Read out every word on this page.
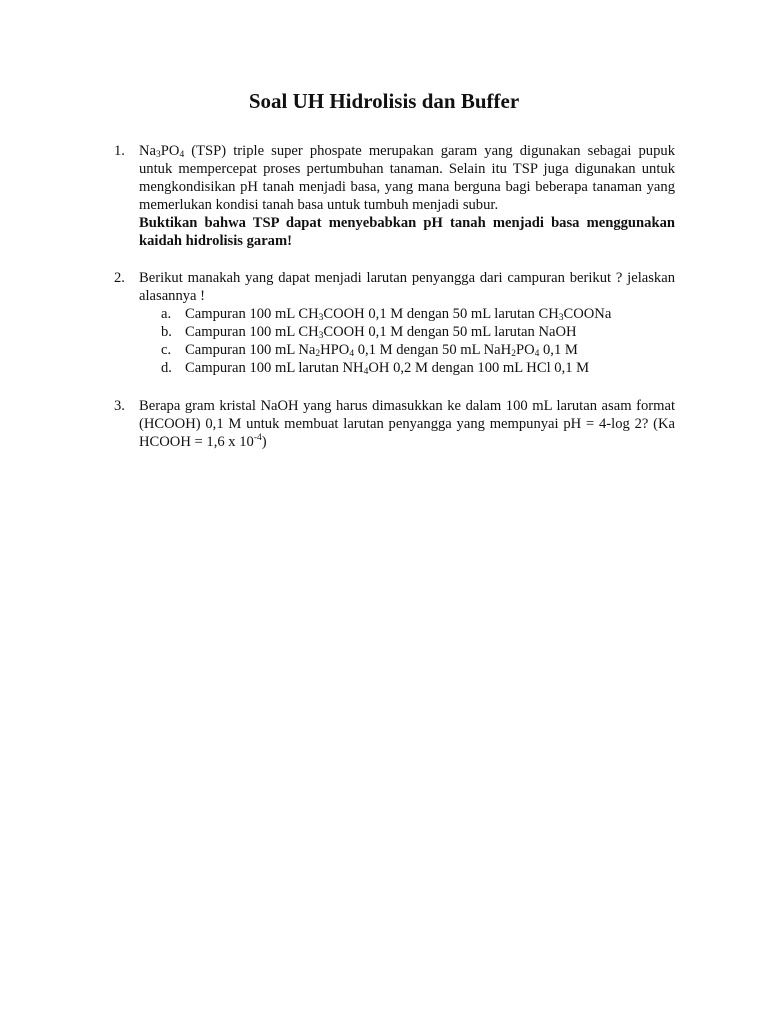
Soal UH Hidrolisis dan Buffer
1. $Na_3PO_4$ (TSP) triple super phospate merupakan garam yang digunakan sebagai pupuk untuk mempercepat proses pertumbuhan tanaman. Selain itu TSP juga digunakan untuk mengkondisikan pH tanah menjadi basa, yang mana berguna bagi beberapa tanaman yang memerlukan kondisi tanah basa untuk tumbuh menjadi subur.
Buktikan bahwa TSP dapat menyebabkan pH tanah menjadi basa menggunakan kaidah hidrolisis garam!
2. Berikut manakah yang dapat menjadi larutan penyangga dari campuran berikut ? jelaskan alasannya !
a. Campuran 100 mL $CH_3COOH$ 0,1 M dengan 50 mL larutan $CH_3COONa$
b. Campuran 100 mL $CH_3COOH$ 0,1 M dengan 50 mL larutan NaOH
c. Campuran 100 mL $Na_2HPO_4$ 0,1 M dengan 50 mL $NaH_2PO_4$ 0,1 M
d. Campuran 100 mL larutan $NH_4OH$ 0,2 M dengan 100 mL HCl 0,1 M
3. Berapa gram kristal NaOH yang harus dimasukkan ke dalam 100 mL larutan asam format (HCOOH) 0,1 M untuk membuat larutan penyangga yang mempunyai pH = 4-log 2? (Ka HCOOH = 1,6 x $10^{-4}$)
